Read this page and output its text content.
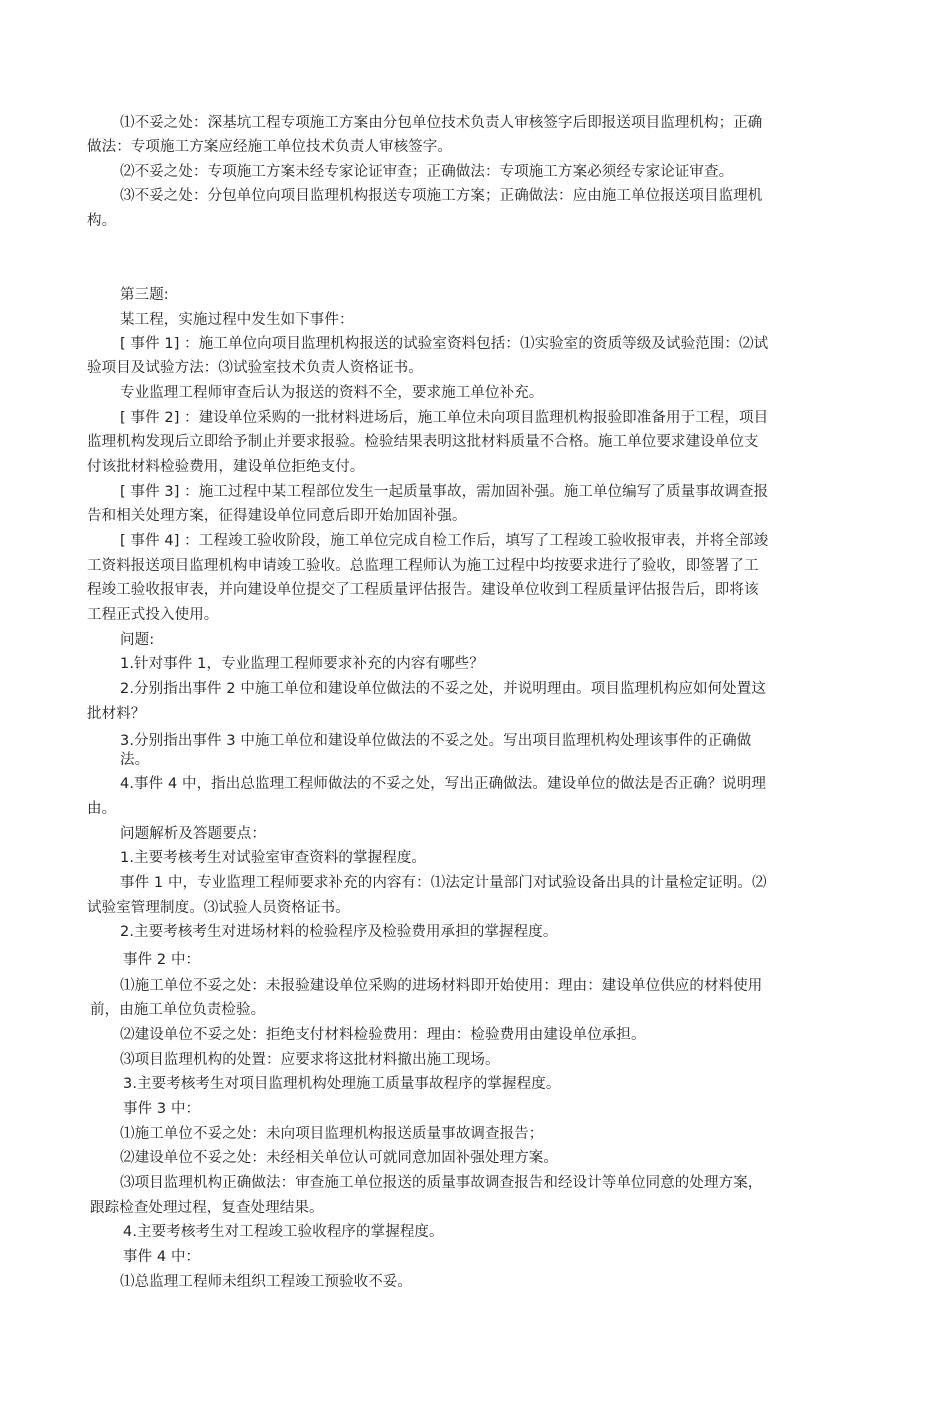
⑴不妥之处：深基坑工程专项施工方案由分包单位技术负责人审核签字后即报送项目监理机构；正确

做法：专项施工方案应经施工单位技术负责人审核签字。

⑵不妥之处：专项施工方案未经专家论证审查；正确做法：专项施工方案必须经专家论证审查。

⑶不妥之处：分包单位向项目监理机构报送专项施工方案；正确做法：应由施工单位报送项目监理机

构。

第三题:

某工程，实施过程中发生如下事件：

[ 事件 1] ：施工单位向项目监理机构报送的试验室资料包括：⑴实验室的资质等级及试验范围：⑵试

验项目及试验方法：⑶试验室技术负责人资格证书。

专业监理工程师审查后认为报送的资料不全，要求施工单位补充。

[ 事件 2] ：建设单位采购的一批材料进场后，施工单位未向项目监理机构报验即准备用于工程，项目

监理机构发现后立即给予制止并要求报验。检验结果表明这批材料质量不合格。施工单位要求建设单位支

付该批材料检验费用，建设单位拒绝支付。

[ 事件 3] ：施工过程中某工程部位发生一起质量事故，需加固补强。施工单位编写了质量事故调查报

告和相关处理方案，征得建设单位同意后即开始加固补强。

[ 事件 4] ：工程竣工验收阶段，施工单位完成自检工作后，填写了工程竣工验收报审表，并将全部竣

工资料报送项目监理机构申请竣工验收。总监理工程师认为施工过程中均按要求进行了验收，即签署了工

程竣工验收报审表，并向建设单位提交了工程质量评估报告。建设单位收到工程质量评估报告后，即将该

工程正式投入使用。

问题:

1.针对事件 1，专业监理工程师要求补充的内容有哪些？

2.分别指出事件 2 中施工单位和建设单位做法的不妥之处，并说明理由。项目监理机构应如何处置这

批材料？

3.分别指出事件 3 中施工单位和建设单位做法的不妥之处。写出项目监理机构处理该事件的正确做

法。

4.事件 4 中，指出总监理工程师做法的不妥之处，写出正确做法。建设单位的做法是否正确？说明理

由。

问题解析及答题要点：

1.主要考核考生对试验室审查资料的掌握程度。

事件 1 中，专业监理工程师要求补充的内容有：⑴法定计量部门对试验设备出具的计量检定证明。⑵

试验室管理制度。⑶试验人员资格证书。

2.主要考核考生对进场材料的检验程序及检验费用承担的掌握程度。

事件 2 中：

⑴施工单位不妥之处：未报验建设单位采购的进场材料即开始使用：理由：建设单位供应的材料使用

前，由施工单位负责检验。

⑵建设单位不妥之处：拒绝支付材料检验费用：理由：检验费用由建设单位承担。

⑶项目监理机构的处置：应要求将这批材料撤出施工现场。

3.主要考核考生对项目监理机构处理施工质量事故程序的掌握程度。

事件 3 中：

⑴施工单位不妥之处：未向项目监理机构报送质量事故调查报告；

⑵建设单位不妥之处：未经相关单位认可就同意加固补强处理方案。

⑶项目监理机构正确做法：审查施工单位报送的质量事故调查报告和经设计等单位同意的处理方案，

跟踪检查处理过程，复查处理结果。

4.主要考核考生对工程竣工验收程序的掌握程度。

事件 4 中：

⑴总监理工程师未组织工程竣工预验收不妥。
